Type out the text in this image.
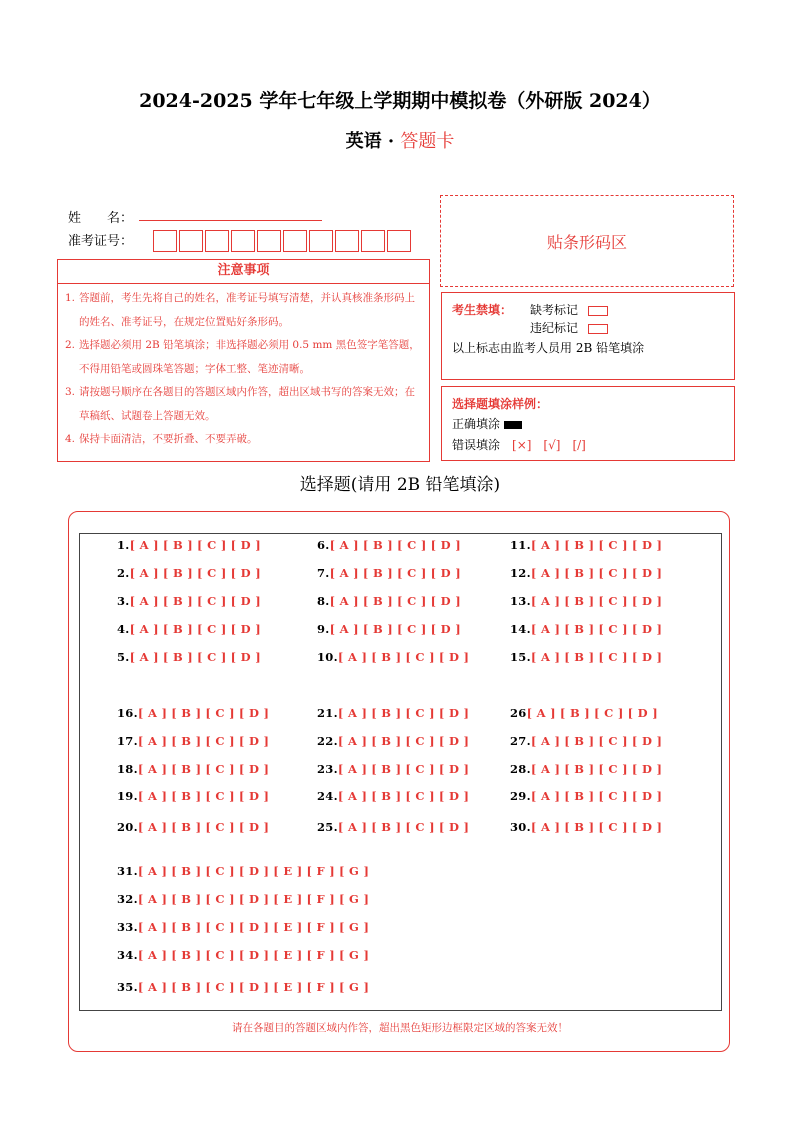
2024-2025 学年七年级上学期期中模拟卷（外研版 2024）
英语 · 答题卡
姓　　名：
准考证号：	贴条形码区
注意事项
1. 答题前，考生先将自己的姓名，准考证号填写清楚，并认真核准条形码上的姓名、准考证号，在规定位置贴好条形码。
2. 选择题必须用 2B 铅笔填涂；非选择题必须用 0.5 mm 黑色签字笔答题，不得用铅笔或圆珠笔答题；字体工整、笔迹清晰。
3. 请按题号顺序在各题目的答题区域内作答，超出区域书写的答案无效；在草稿纸、试题卷上答题无效。
4. 保持卡面清洁，不要折叠、不要弄破。
考生禁填： 缺考标记
违纪标记
以上标志由监考人员用 2B 铅笔填涂
选择题填涂样例：
正确填涂
错误填涂 [×]　[√]　[/]
选择题(请用 2B 铅笔填涂)
1.[ A ] [ B ] [ C ] [ D ]
16.[ A ] [ B ] [ C ] [ D ]
2.[ A ] [ B ] [ C ] [ D ]
17.[ A ] [ B ] [ C ] [ D ]
3.[ A ] [ B ] [ C ] [ D ]
18.[ A ] [ B ] [ C ] [ D ]
4.[ A ] [ B ] [ C ] [ D ]
19.[ A ] [ B ] [ C ] [ D ]
5.[ A ] [ B ] [ C ] [ D ]
20.[ A ] [ B ] [ C ] [ D ]
6.[ A ] [ B ] [ C ] [ D ]
21.[ A ] [ B ] [ C ] [ D ]
7.[ A ] [ B ] [ C ] [ D ]
22.[ A ] [ B ] [ C ] [ D ]
8.[ A ] [ B ] [ C ] [ D ]
23.[ A ] [ B ] [ C ] [ D ]
9.[ A ] [ B ] [ C ] [ D ]
24.[ A ] [ B ] [ C ] [ D ]
10.[ A ] [ B ] [ C ] [ D ]
25.[ A ] [ B ] [ C ] [ D ]
11.[ A ] [ B ] [ C ] [ D ]
26[ A ] [ B ] [ C ] [ D ]
12.[ A ] [ B ] [ C ] [ D ]
27.[ A ] [ B ] [ C ] [ D ]
13.[ A ] [ B ] [ C ] [ D ]
28.[ A ] [ B ] [ C ] [ D ]
14.[ A ] [ B ] [ C ] [ D ]
29.[ A ] [ B ] [ C ] [ D ]
15.[ A ] [ B ] [ C ] [ D ]
30.[ A ] [ B ] [ C ] [ D ]
31.[ A ] [ B ] [ C ] [ D ] [ E ] [ F ] [ G ]
32.[ A ] [ B ] [ C ] [ D ] [ E ] [ F ] [ G ]
33.[ A ] [ B ] [ C ] [ D ] [ E ] [ F ] [ G ]
34.[ A ] [ B ] [ C ] [ D ] [ E ] [ F ] [ G ]
35.[ A ] [ B ] [ C ] [ D ] [ E ] [ F ] [ G ]
请在各题目的答题区域内作答，超出黑色矩形边框限定区域的答案无效！
